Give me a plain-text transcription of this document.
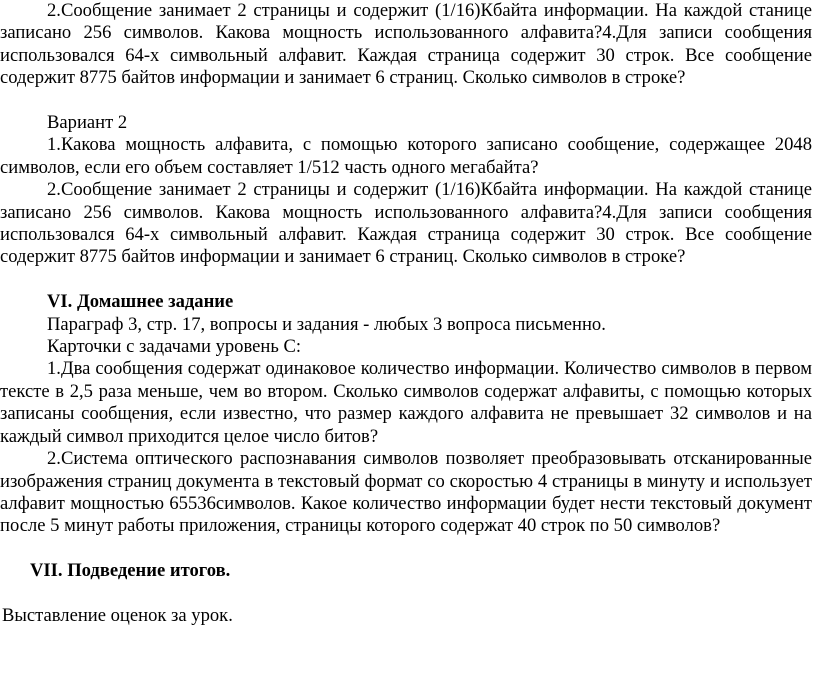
2.Сообщение занимает 2 страницы и содержит (1/16)Кбайта информации. На каждой станице записано 256 символов. Какова мощность использованного алфавита?4.Для записи сообщения использовался 64-х символьный алфавит. Каждая страница содержит 30 строк. Все сообщение содержит 8775 байтов информации и занимает 6 страниц. Сколько символов в строке?

Вариант 2

1.Какова мощность алфавита, с помощью которого записано сообщение, содержащее 2048 символов, если его объем составляет 1/512 часть одного мегабайта?

2.Сообщение занимает 2 страницы и содержит (1/16)Кбайта информации. На каждой станице записано 256 символов. Какова мощность использованного алфавита?4.Для записи сообщения использовался 64-х символьный алфавит. Каждая страница содержит 30 строк. Все сообщение содержит 8775 байтов информации и занимает 6 страниц. Сколько символов в строке?

VI. Домашнее задание

Параграф 3, стр. 17, вопросы и задания - любых 3 вопроса письменно.

Карточки с задачами уровень С:

1.Два сообщения содержат одинаковое количество информации. Количество символов в первом тексте в 2,5 раза меньше, чем во втором. Сколько символов содержат алфавиты, с помощью которых записаны сообщения, если известно, что размер каждого алфавита не превышает 32 символов и на каждый символ приходится целое число битов?

2.Система оптического распознавания символов позволяет преобразовывать отсканированные изображения страниц документа в текстовый формат со скоростью 4 страницы в минуту и использует алфавит мощностью 65536символов. Какое количество информации будет нести текстовый документ после 5 минут работы приложения, страницы которого содержат 40 строк по 50 символов?

VII. Подведение итогов.

Выставление оценок за урок.
